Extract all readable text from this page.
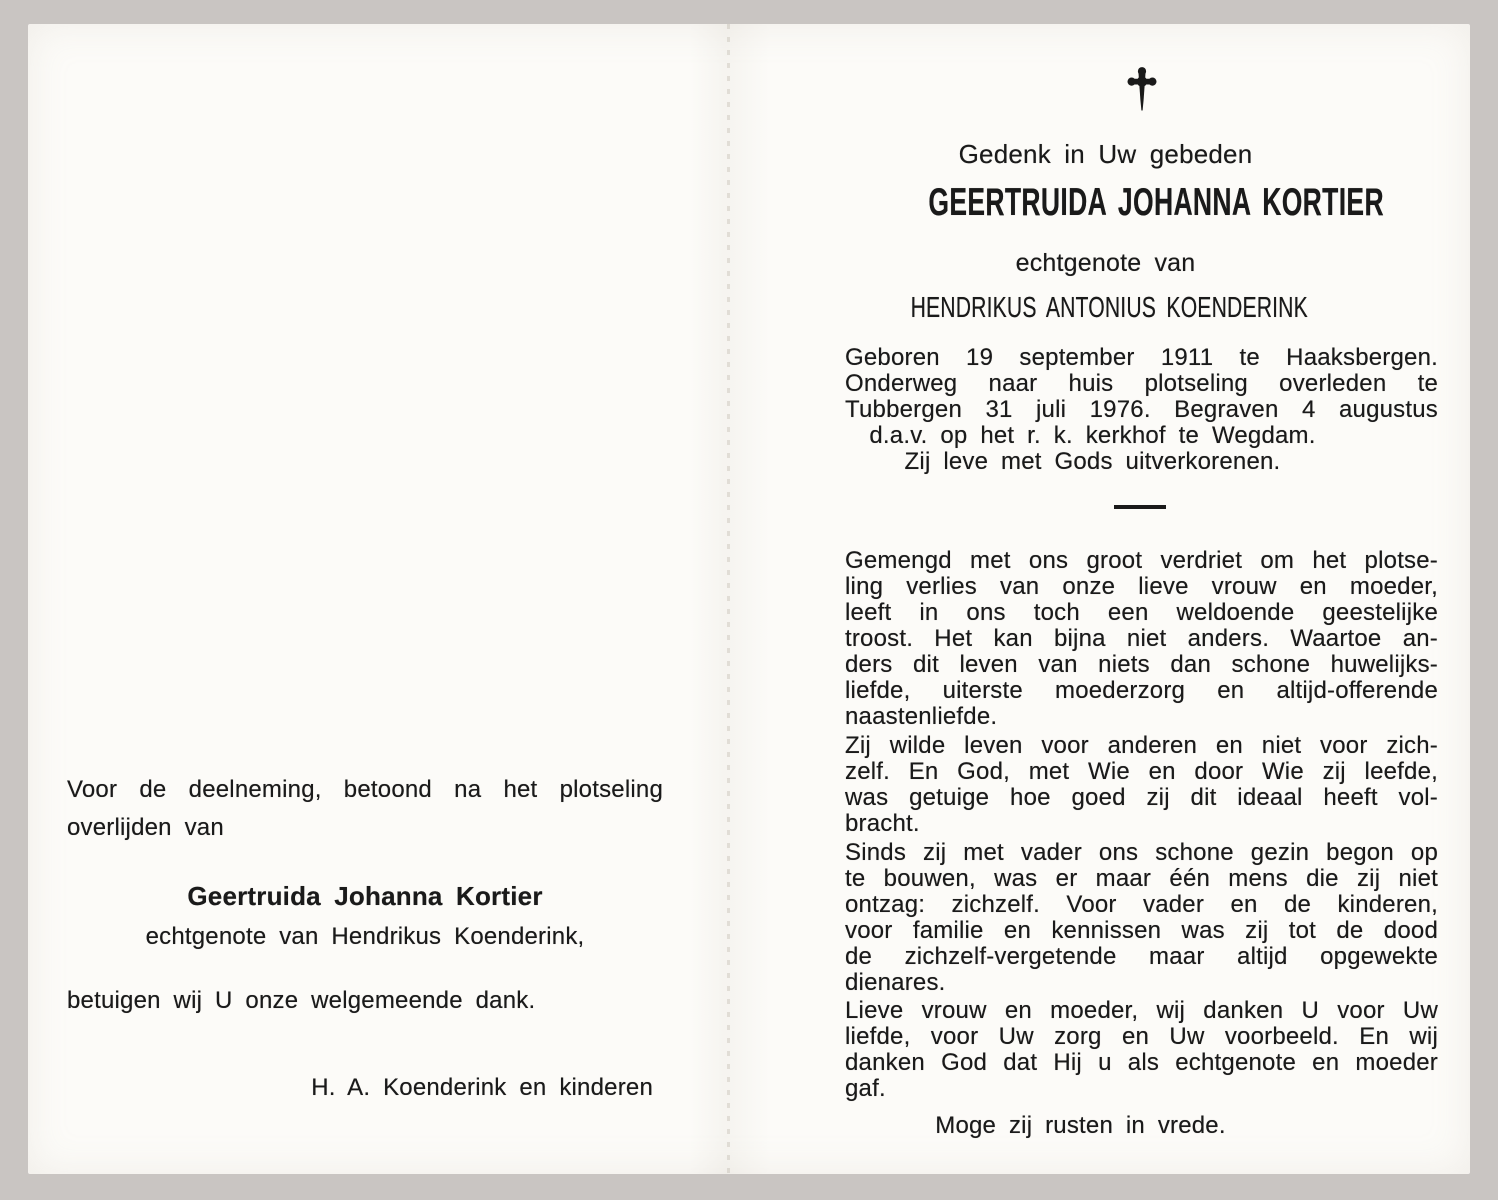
Voor de deelneming, betoond na het plotseling
overlijden van
Geertruida Johanna Kortier
echtgenote van Hendrikus Koenderink,
betuigen wij U onze welgemeende dank.
H. A. Koenderink en kinderen
Gedenk in Uw gebeden
GEERTRUIDA JOHANNA KORTIER
echtgenote van
HENDRIKUS ANTONIUS KOENDERINK
Geboren 19 september 1911 te Haaksbergen.
Onderweg naar huis plotseling overleden te
Tubbergen 31 juli 1976. Begraven 4 augustus
d.a.v. op het r. k. kerkhof te Wegdam.
Zij leve met Gods uitverkorenen.
Gemengd met ons groot verdriet om het plotse-
ling verlies van onze lieve vrouw en moeder,
leeft in ons toch een weldoende geestelijke
troost. Het kan bijna niet anders. Waartoe an-
ders dit leven van niets dan schone huwelijks-
liefde, uiterste moederzorg en altijd-offerende
naastenliefde.
Zij wilde leven voor anderen en niet voor zich-
zelf. En God, met Wie en door Wie zij leefde,
was getuige hoe goed zij dit ideaal heeft vol-
bracht.
Sinds zij met vader ons schone gezin begon op
te bouwen, was er maar één mens die zij niet
ontzag: zichzelf. Voor vader en de kinderen,
voor familie en kennissen was zij tot de dood
de zichzelf-vergetende maar altijd opgewekte
dienares.
Lieve vrouw en moeder, wij danken U voor Uw
liefde, voor Uw zorg en Uw voorbeeld. En wij
danken God dat Hij u als echtgenote en moeder
gaf.
Moge zij rusten in vrede.
